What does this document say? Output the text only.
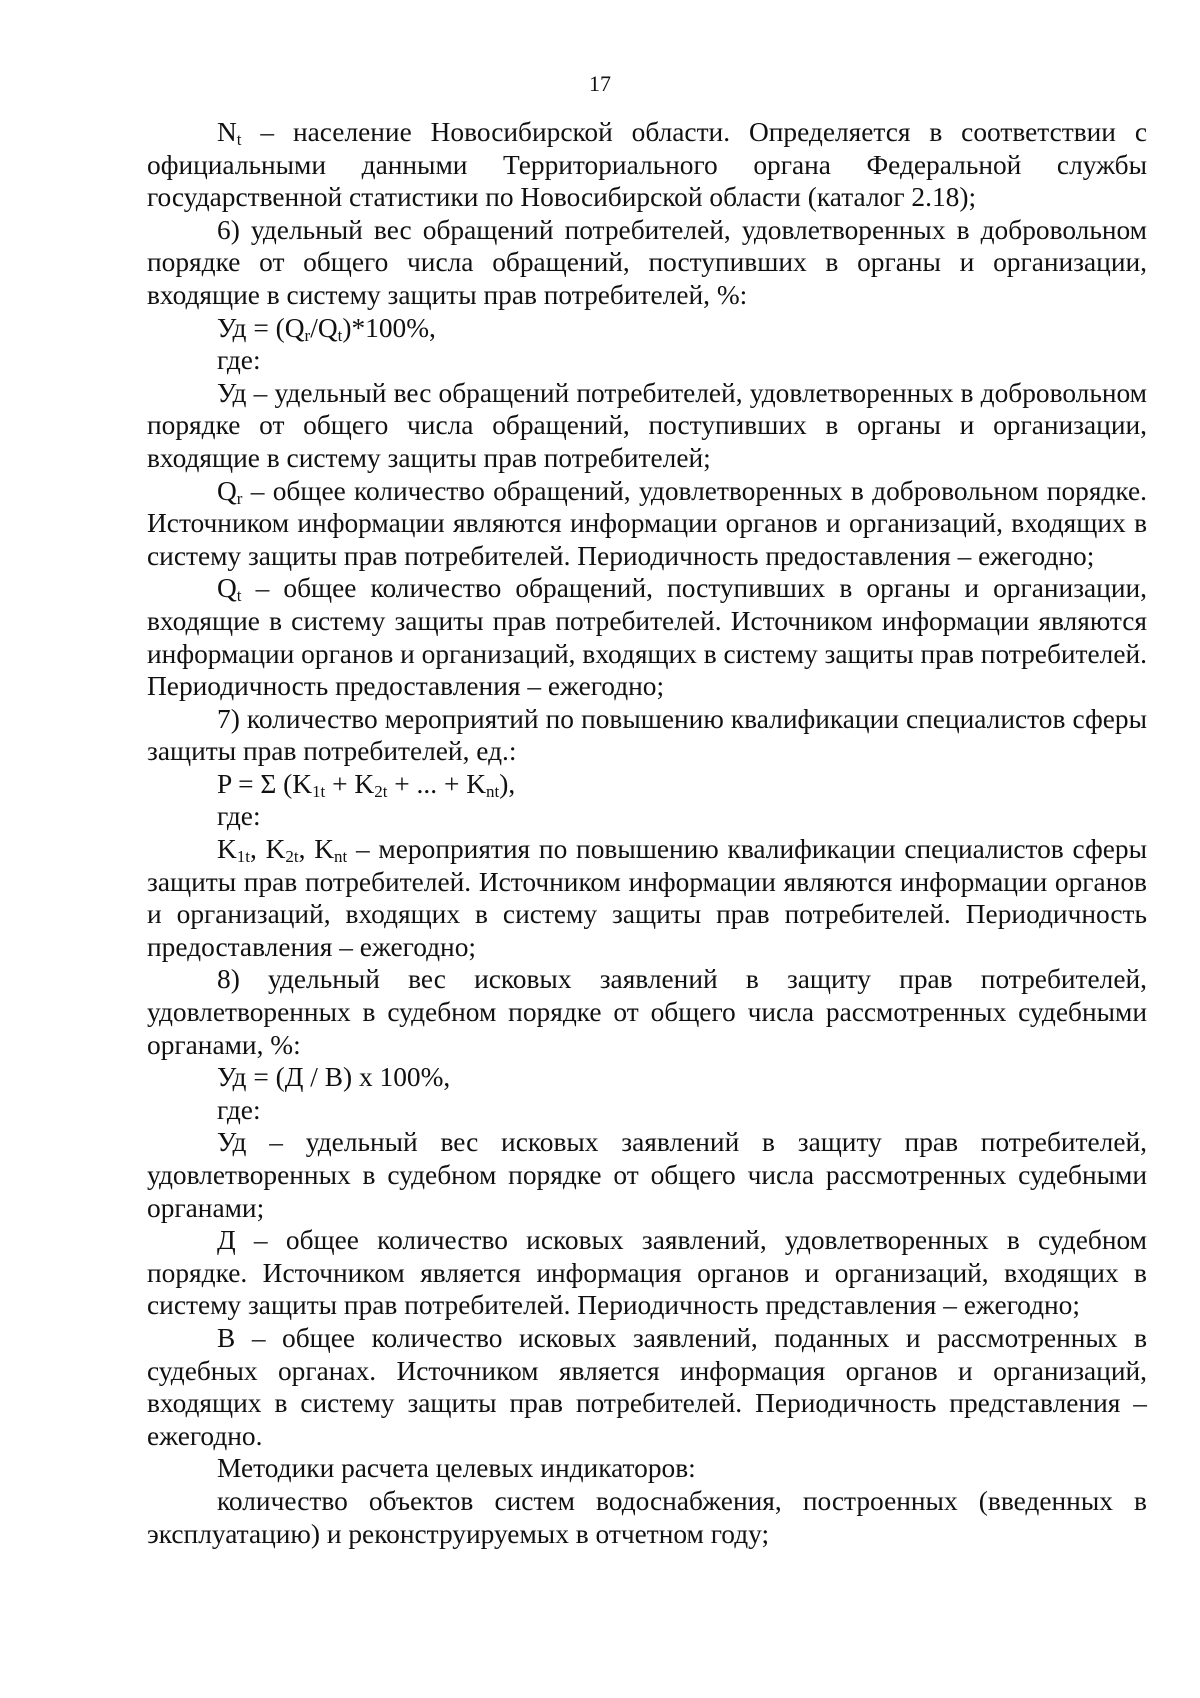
17

$N_t$ – население Новосибирской области. Определяется в соответствии с официальными данными Территориального органа Федеральной службы государственной статистики по Новосибирской области (каталог 2.18);

6) удельный вес обращений потребителей, удовлетворенных в добровольном порядке от общего числа обращений, поступивших в органы и организации, входящие в систему защиты прав потребителей, %:

Уд = $(Q_r/Q_t)*100\%$,

где:

Уд – удельный вес обращений потребителей, удовлетворенных в добровольном порядке от общего числа обращений, поступивших в органы и организации, входящие в систему защиты прав потребителей;

$Q_r$ – общее количество обращений, удовлетворенных в добровольном порядке. Источником информации являются информации органов и организаций, входящих в систему защиты прав потребителей. Периодичность предоставления – ежегодно;

$Q_t$ – общее количество обращений, поступивших в органы и организации, входящие в систему защиты прав потребителей. Источником информации являются информации органов и организаций, входящих в систему защиты прав потребителей. Периодичность предоставления – ежегодно;

7) количество мероприятий по повышению квалификации специалистов сферы защиты прав потребителей, ед.:

P = Σ ($K_{1t} + K_{2t}$ + ... + $K_{nt}$),

где:

$K_{1t}$, $K_{2t}$, $K_{nt}$ – мероприятия по повышению квалификации специалистов сферы защиты прав потребителей. Источником информации являются информации органов и организаций, входящих в систему защиты прав потребителей. Периодичность предоставления – ежегодно;

8) удельный вес исковых заявлений в защиту прав потребителей, удовлетворенных в судебном порядке от общего числа рассмотренных судебными органами, %:

Уд = (Д / В) х 100%,

где:

Уд – удельный вес исковых заявлений в защиту прав потребителей, удовлетворенных в судебном порядке от общего числа рассмотренных судебными органами;

Д – общее количество исковых заявлений, удовлетворенных в судебном порядке. Источником является информация органов и организаций, входящих в систему защиты прав потребителей. Периодичность представления – ежегодно;

В – общее количество исковых заявлений, поданных и рассмотренных в судебных органах. Источником является информация органов и организаций, входящих в систему защиты прав потребителей. Периодичность представления – ежегодно.

Методики расчета целевых индикаторов:

количество объектов систем водоснабжения, построенных (введенных в эксплуатацию) и реконструируемых в отчетном году;
